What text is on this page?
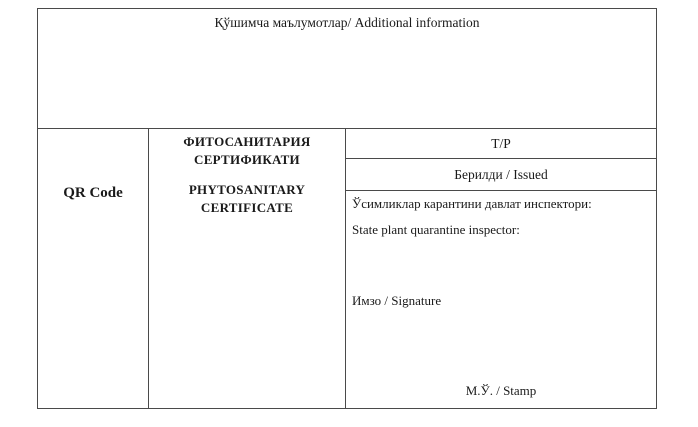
Қўшимча маълумотлар/ Additional information
QR Code
ФИТОСАНИТАРИЯ
СЕРТИФИКАТИ
PHYTOSANITARY
CERTIFICATE
Т/Р
Берилди / Issued
Ўсимликлар карантини давлат инспектори:
State plant quarantine inspector:
Имзо / Signature
М.Ў. / Stamp
